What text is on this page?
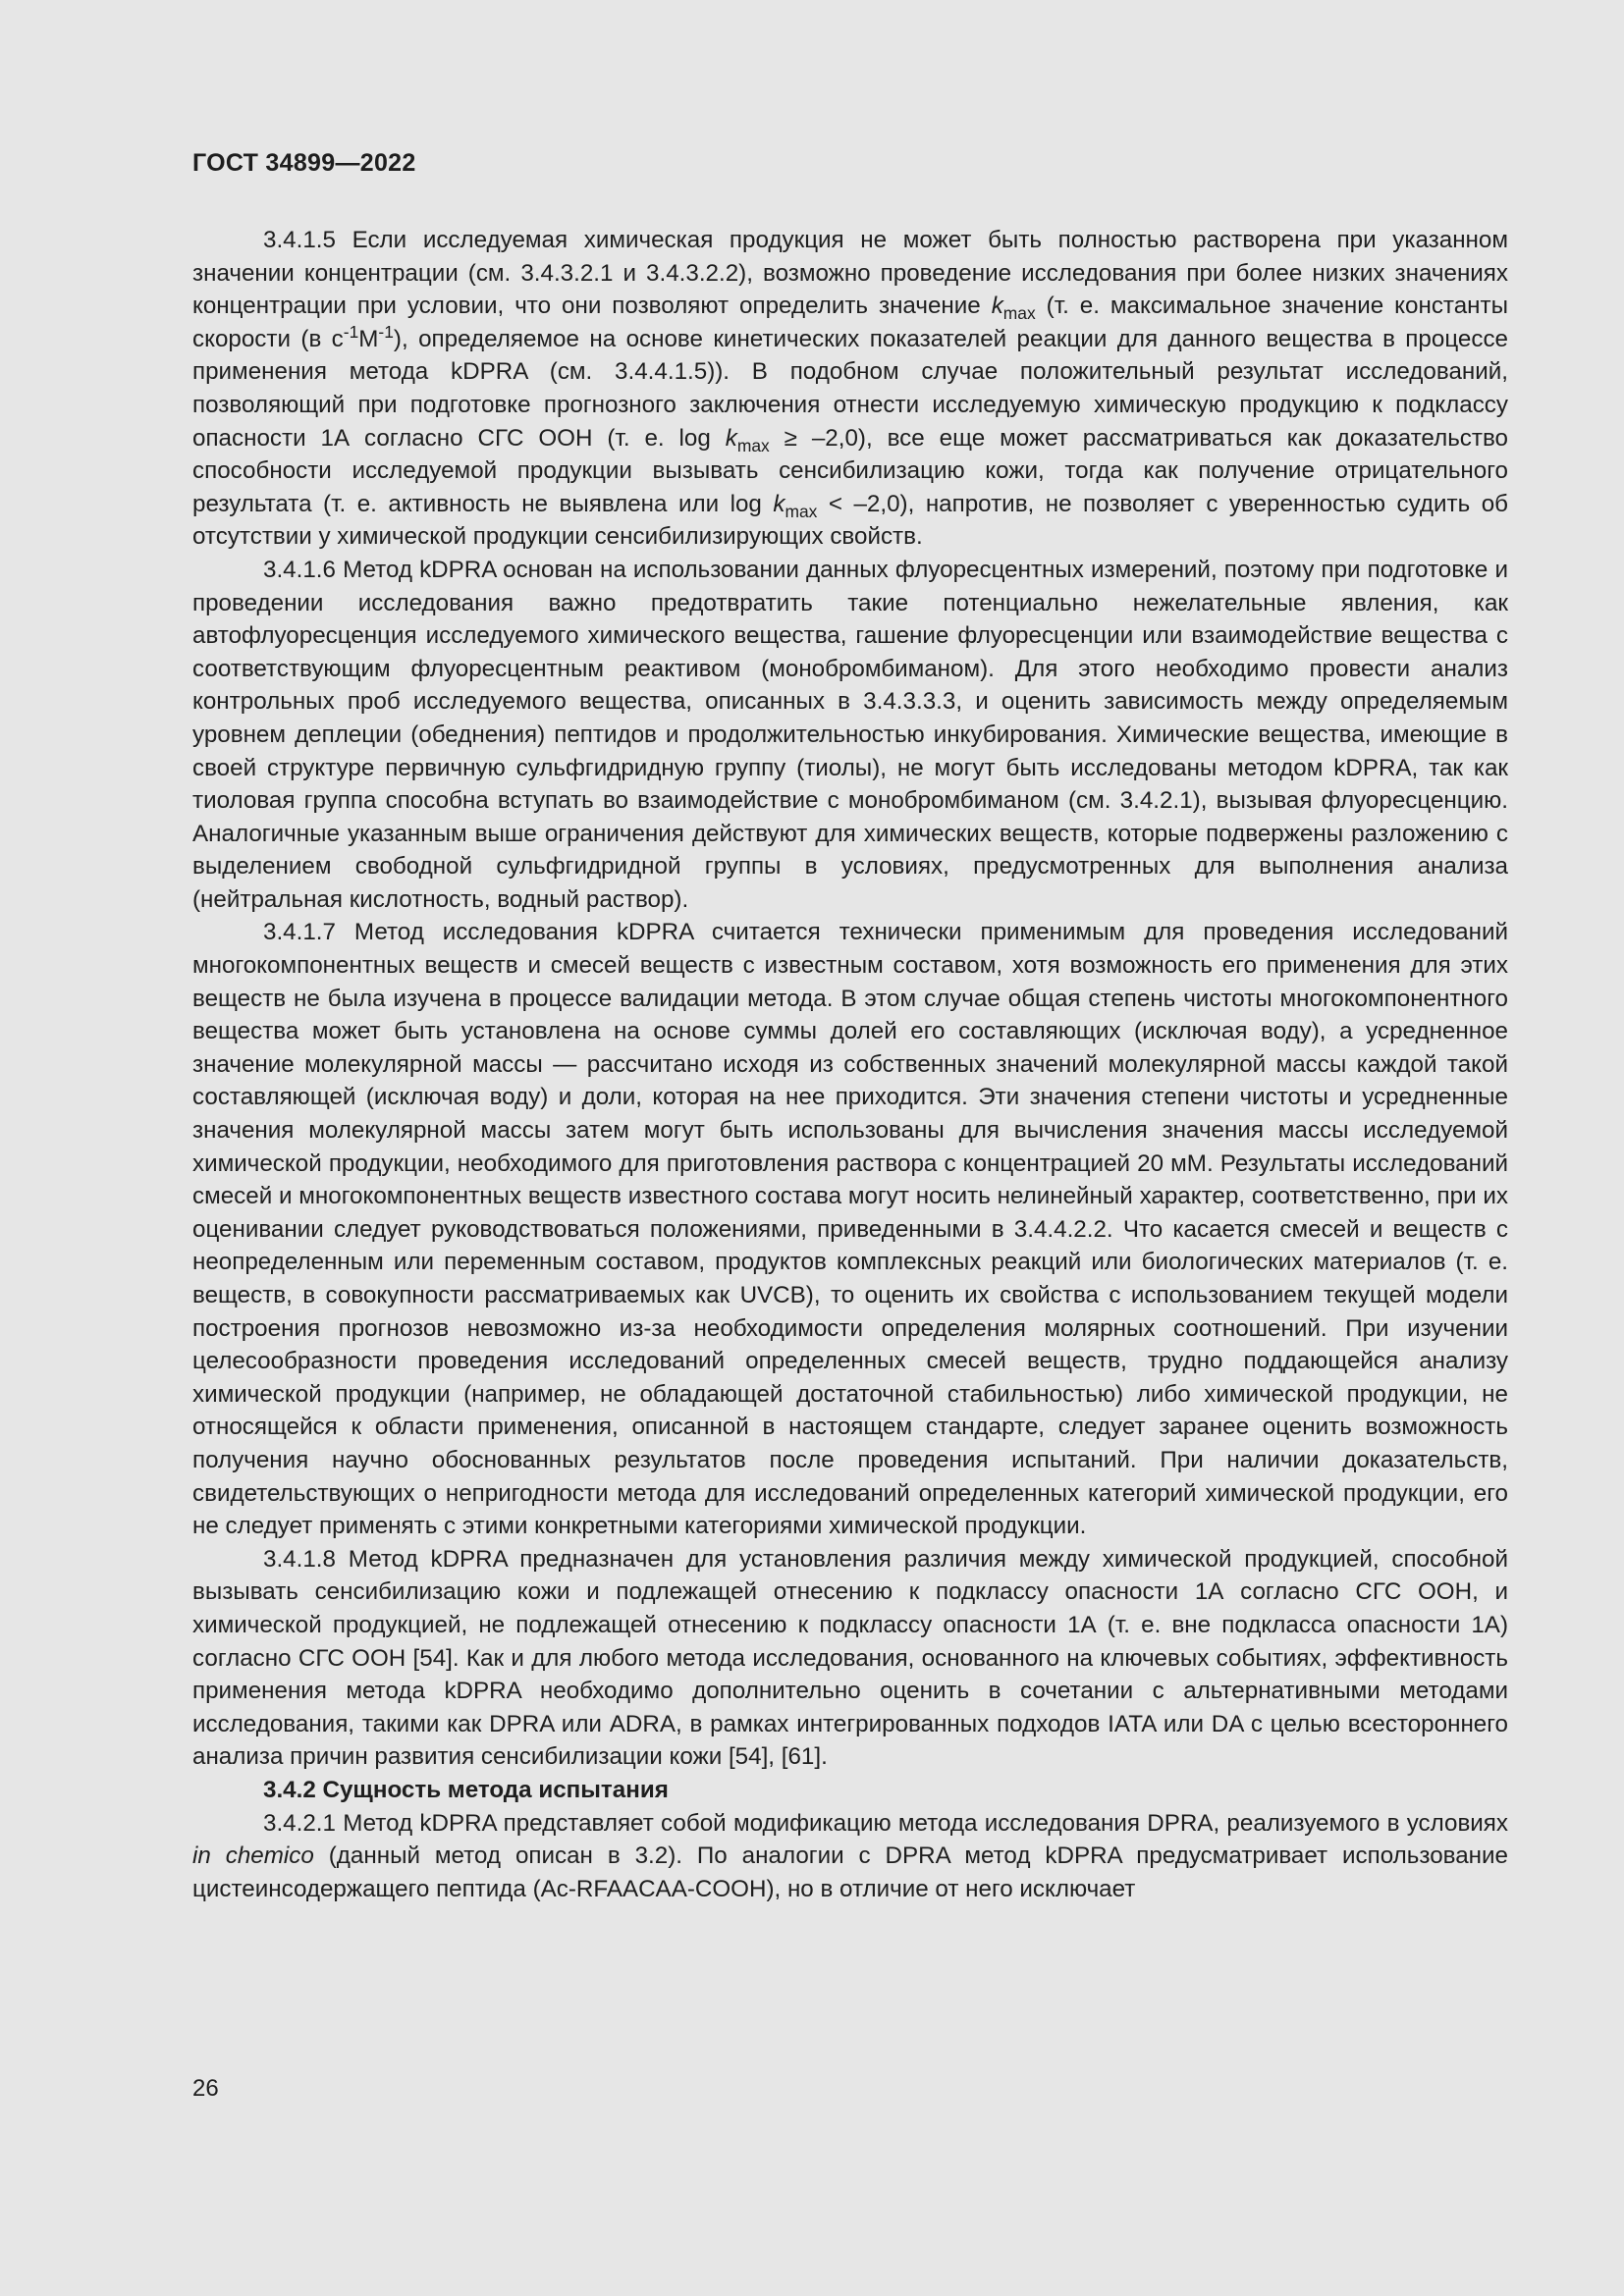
ГОСТ 34899—2022

3.4.1.5 Если исследуемая химическая продукция не может быть полностью растворена при указанном значении концентрации (см. 3.4.3.2.1 и 3.4.3.2.2), возможно проведение исследования при более низких значениях концентрации при условии, что они позволяют определить значение $k_{max}$ (т. е. максимальное значение константы скорости (в $с^{-1}М^{-1}$), определяемое на основе кинетических показателей реакции для данного вещества в процессе применения метода kDPRA (см. 3.4.4.1.5)). В подобном случае положительный результат исследований, позволяющий при подготовке прогнозного заключения отнести исследуемую химическую продукцию к подклассу опасности 1А согласно СГС ООН (т. е. $\log k_{max} \ge -2,0$), все еще может рассматриваться как доказательство способности исследуемой продукции вызывать сенсибилизацию кожи, тогда как получение отрицательного результата (т. е. активность не выявлена или $\log k_{max} < -2,0$), напротив, не позволяет с уверенностью судить об отсутствии у химической продукции сенсибилизирующих свойств.

3.4.1.6 Метод kDPRA основан на использовании данных флуоресцентных измерений, поэтому при подготовке и проведении исследования важно предотвратить такие потенциально нежелательные явления, как автофлуоресценция исследуемого химического вещества, гашение флуоресценции или взаимодействие вещества с соответствующим флуоресцентным реактивом (монобромбиманом). Для этого необходимо провести анализ контрольных проб исследуемого вещества, описанных в 3.4.3.3.3, и оценить зависимость между определяемым уровнем деплеции (обеднения) пептидов и продолжительностью инкубирования. Химические вещества, имеющие в своей структуре первичную сульфгидридную группу (тиолы), не могут быть исследованы методом kDPRA, так как тиоловая группа способна вступать во взаимодействие с монобромбиманом (см. 3.4.2.1), вызывая флуоресценцию. Аналогичные указанным выше ограничения действуют для химических веществ, которые подвержены разложению с выделением свободной сульфгидридной группы в условиях, предусмотренных для выполнения анализа (нейтральная кислотность, водный раствор).

3.4.1.7 Метод исследования kDPRA считается технически применимым для проведения исследований многокомпонентных веществ и смесей веществ с известным составом, хотя возможность его применения для этих веществ не была изучена в процессе валидации метода. В этом случае общая степень чистоты многокомпонентного вещества может быть установлена на основе суммы долей его составляющих (исключая воду), а усредненное значение молекулярной массы — рассчитано исходя из собственных значений молекулярной массы каждой такой составляющей (исключая воду) и доли, которая на нее приходится. Эти значения степени чистоты и усредненные значения молекулярной массы затем могут быть использованы для вычисления значения массы исследуемой химической продукции, необходимого для приготовления раствора с концентрацией 20 мМ. Результаты исследований смесей и многокомпонентных веществ известного состава могут носить нелинейный характер, соответственно, при их оценивании следует руководствоваться положениями, приведенными в 3.4.4.2.2. Что касается смесей и веществ с неопределенным или переменным составом, продуктов комплексных реакций или биологических материалов (т. е. веществ, в совокупности рассматриваемых как UVCB), то оценить их свойства с использованием текущей модели построения прогнозов невозможно из-за необходимости определения молярных соотношений. При изучении целесообразности проведения исследований определенных смесей веществ, трудно поддающейся анализу химической продукции (например, не обладающей достаточной стабильностью) либо химической продукции, не относящейся к области применения, описанной в настоящем стандарте, следует заранее оценить возможность получения научно обоснованных результатов после проведения испытаний. При наличии доказательств, свидетельствующих о непригодности метода для исследований определенных категорий химической продукции, его не следует применять с этими конкретными категориями химической продукции.

3.4.1.8 Метод kDPRA предназначен для установления различия между химической продукцией, способной вызывать сенсибилизацию кожи и подлежащей отнесению к подклассу опасности 1А согласно СГС ООН, и химической продукцией, не подлежащей отнесению к подклассу опасности 1А (т. е. вне подкласса опасности 1А) согласно СГС ООН [54]. Как и для любого метода исследования, основанного на ключевых событиях, эффективность применения метода kDPRA необходимо дополнительно оценить в сочетании с альтернативными методами исследования, такими как DPRA или ADRA, в рамках интегрированных подходов IATA или DA с целью всестороннего анализа причин развития сенсибилизации кожи [54], [61].

3.4.2 Сущность метода испытания

3.4.2.1 Метод kDPRA представляет собой модификацию метода исследования DPRA, реализуемого в условиях in chemico (данный метод описан в 3.2). По аналогии с DPRA метод kDPRA предусматривает использование цистеинсодержащего пептида (Ac-RFAACAA-COOH), но в отличие от него исключает

26
